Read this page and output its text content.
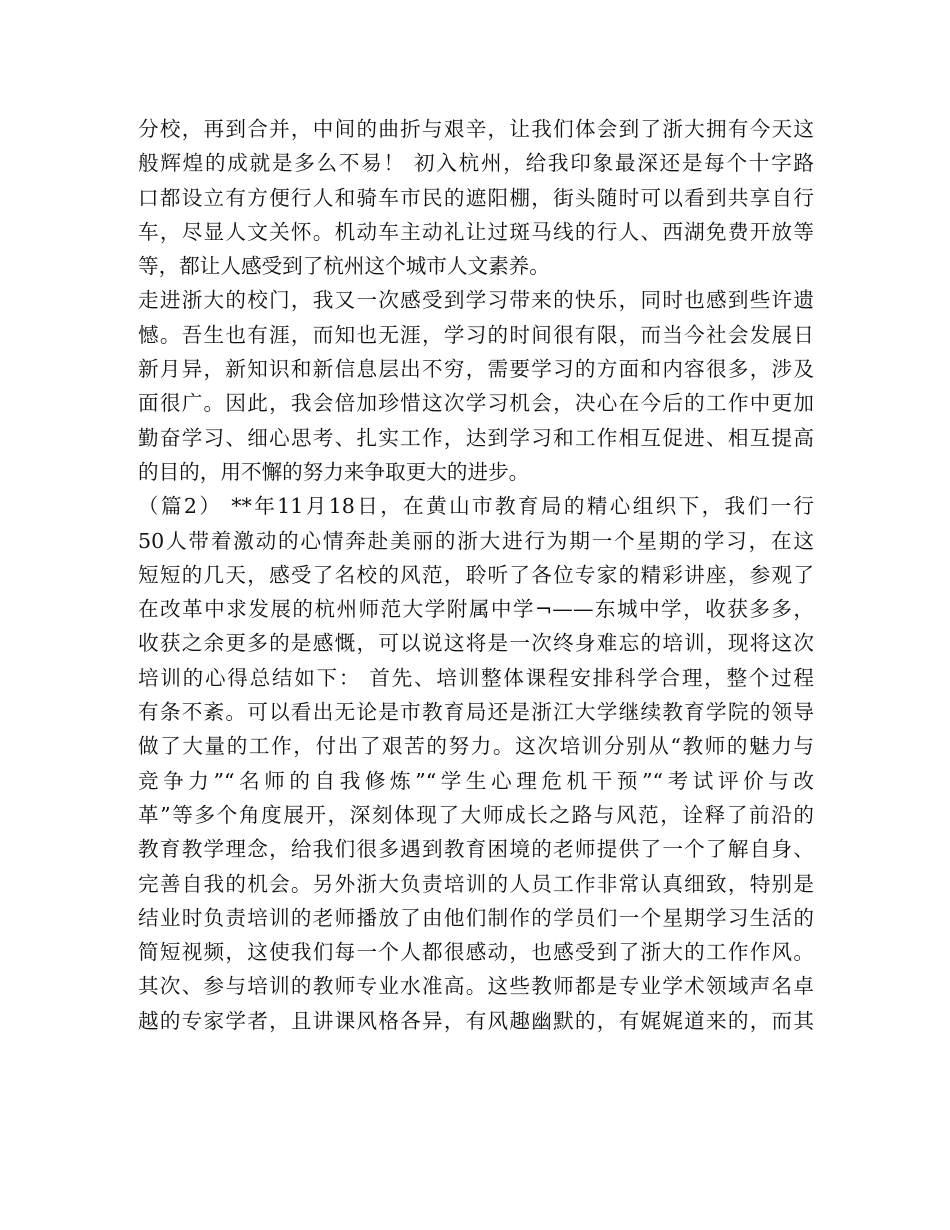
分校，再到合并，中间的曲折与艰辛，让我们体会到了浙大拥有今天这
般辉煌的成就是多么不易！ 初入杭州，给我印象最深还是每个十字路
口都设立有方便行人和骑车市民的遮阳棚，街头随时可以看到共享自行
车，尽显人文关怀。机动车主动礼让过斑马线的行人、西湖免费开放等
等，都让人感受到了杭州这个城市人文素养。
走进浙大的校门，我又一次感受到学习带来的快乐，同时也感到些许遗
憾。吾生也有涯，而知也无涯，学习的时间很有限，而当今社会发展日
新月异，新知识和新信息层出不穷，需要学习的方面和内容很多，涉及
面很广。因此，我会倍加珍惜这次学习机会，决心在今后的工作中更加
勤奋学习、细心思考、扎实工作，达到学习和工作相互促进、相互提高
的目的，用不懈的努力来争取更大的进步。
（篇2） **年11月18日，在黄山市教育局的精心组织下，我们一行
50人带着激动的心情奔赴美丽的浙大进行为期一个星期的学习，在这
短短的几天，感受了名校的风范，聆听了各位专家的精彩讲座，参观了
在改革中求发展的杭州师范大学附属中学¬——东城中学，收获多多，
收获之余更多的是感慨，可以说这将是一次终身难忘的培训，现将这次
培训的心得总结如下： 首先、培训整体课程安排科学合理，整个过程
有条不紊。可以看出无论是市教育局还是浙江大学继续教育学院的领导
做了大量的工作，付出了艰苦的努力。这次培训分别从“教师的魅力与
竞争力”“名师的自我修炼”“学生心理危机干预”“考试评价与改
革”等多个角度展开，深刻体现了大师成长之路与风范，诠释了前沿的
教育教学理念，给我们很多遇到教育困境的老师提供了一个了解自身、
完善自我的机会。另外浙大负责培训的人员工作非常认真细致，特别是
结业时负责培训的老师播放了由他们制作的学员们一个星期学习生活的
简短视频，这使我们每一个人都很感动，也感受到了浙大的工作作风。
其次、参与培训的教师专业水准高。这些教师都是专业学术领域声名卓
越的专家学者，且讲课风格各异，有风趣幽默的，有娓娓道来的，而其
